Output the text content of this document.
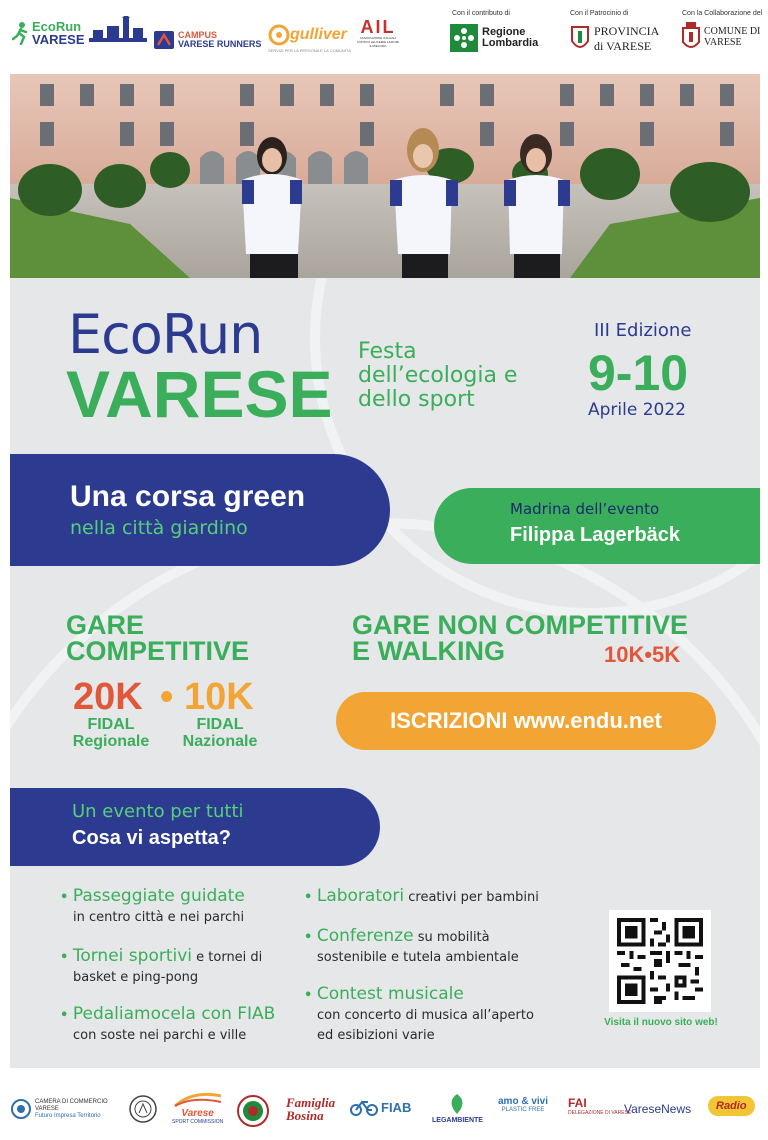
EcoRun
VARESE	CAMPUS
VARESE RUNNERS
gulliver
SERVIZI PER LA PERSONA E LA COMUNITÀ
AIL
ASSOCIAZIONE ITALIANA CONTRO LEUCEMIE LINFOMI E MIELOMA
Con il contributo di
Regione
Lombardia
Con il Patrocinio di
PROVINCIA
di VARESE
Con la Collaborazione del
COMUNE DI
VARESE
EcoRun
VARESE
Festa dell’ecologia e dello sport
III Edizione
9-10
Aprile 2022
Una corsa green
nella città giardino
Madrina dell’evento
Filippa Lagerbäck
GARE
COMPETITIVE
20K • 10K
FIDAL
Regionale
FIDAL
Nazionale
GARE NON COMPETITIVE
E WALKING	10K•5K
ISCRIZIONI www.endu.net
Un evento per tutti
Cosa vi aspetta?
• Passeggiate guidate
in centro città e nei parchi
• Tornei sportivi e tornei di
basket e ping-pong
• Pedaliamocela con FIAB
con soste nei parchi e ville
• Laboratori creativi per bambini
• Conferenze su mobilità
sostenibile e tutela ambientale
• Contest musicale
con concerto di musica all’aperto
ed esibizioni varie
Visita il nuovo sito web!
CAMERA DI COMMERCIO
VARESE
Futuro Impresa Territorio	Varese
SPORT COMMISSION
Famiglia Bosina
FIAB
LEGAMBIENTE
amo & vivi
PLASTIC FREE FAI
DELEGAZIONE DI VARESE
VareseNews	Radio
